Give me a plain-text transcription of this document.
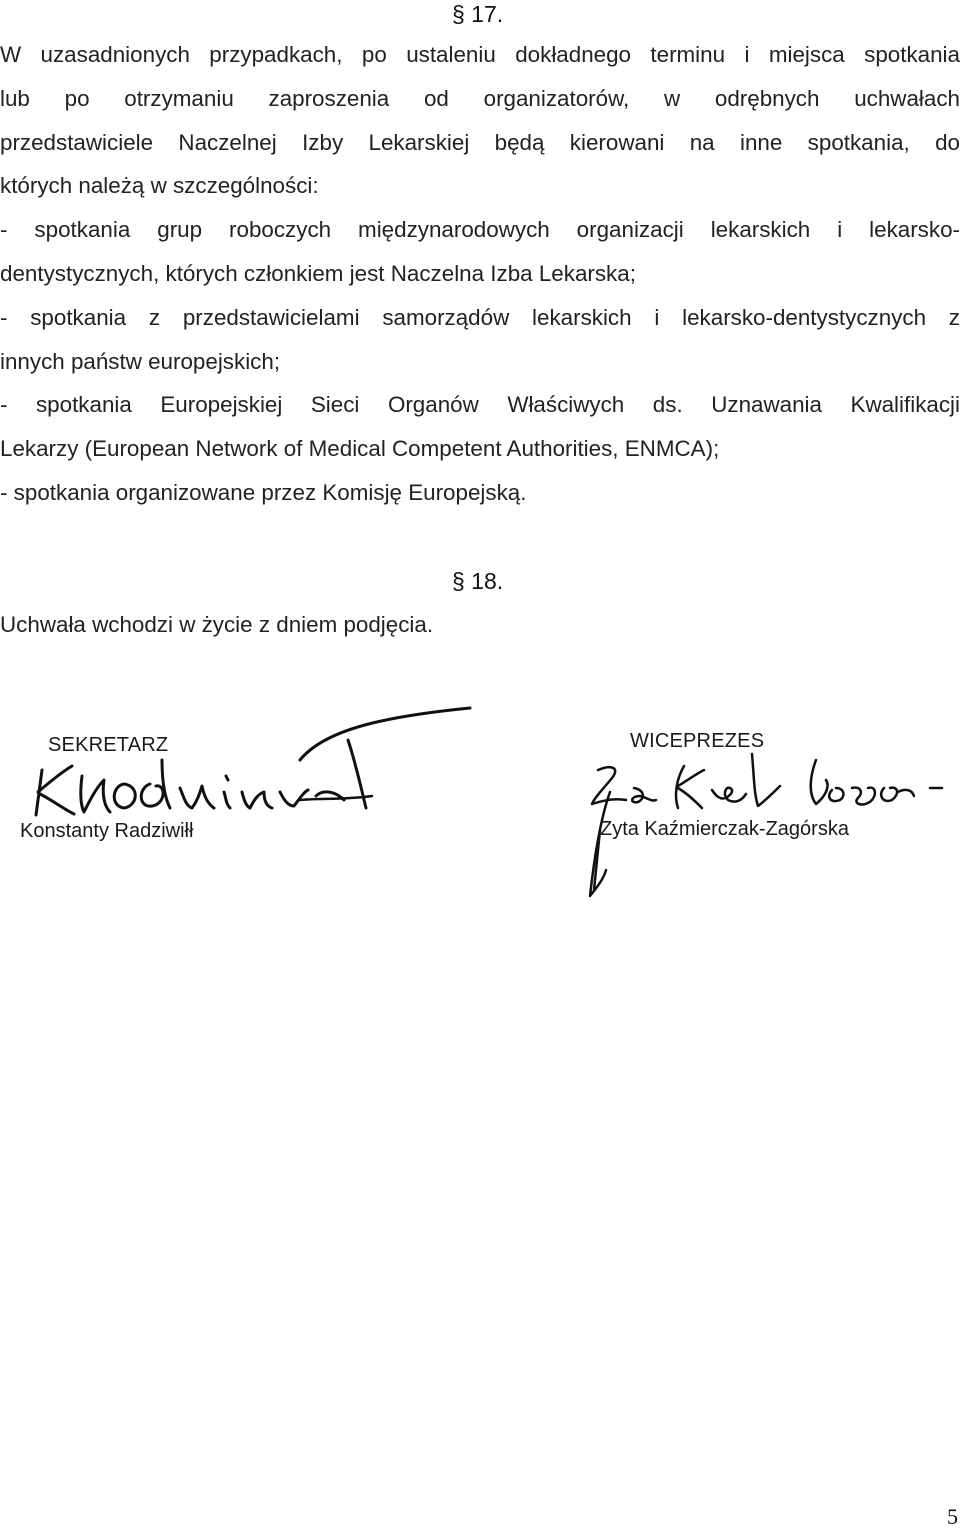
§ 17.
W uzasadnionych przypadkach, po ustaleniu dokładnego terminu i miejsca spotkania
lub po otrzymaniu zaproszenia od organizatorów, w odrębnych uchwałach
przedstawiciele Naczelnej Izby Lekarskiej będą kierowani na inne spotkania, do
których należą w szczególności:
- spotkania grup roboczych międzynarodowych organizacji lekarskich i lekarsko-
dentystycznych, których członkiem jest Naczelna Izba Lekarska;
- spotkania z przedstawicielami samorządów lekarskich i lekarsko-dentystycznych z
innych państw europejskich;
- spotkania Europejskiej Sieci Organów Właściwych ds. Uznawania Kwalifikacji
Lekarzy (European Network of Medical Competent Authorities, ENMCA);
- spotkania organizowane przez Komisję Europejską.
§ 18.
Uchwała wchodzi w życie z dniem podjęcia.
SEKRETARZ
Konstanty Radziwiłł
WICEPREZES
Zyta Kaźmierczak-Zagórska
5
